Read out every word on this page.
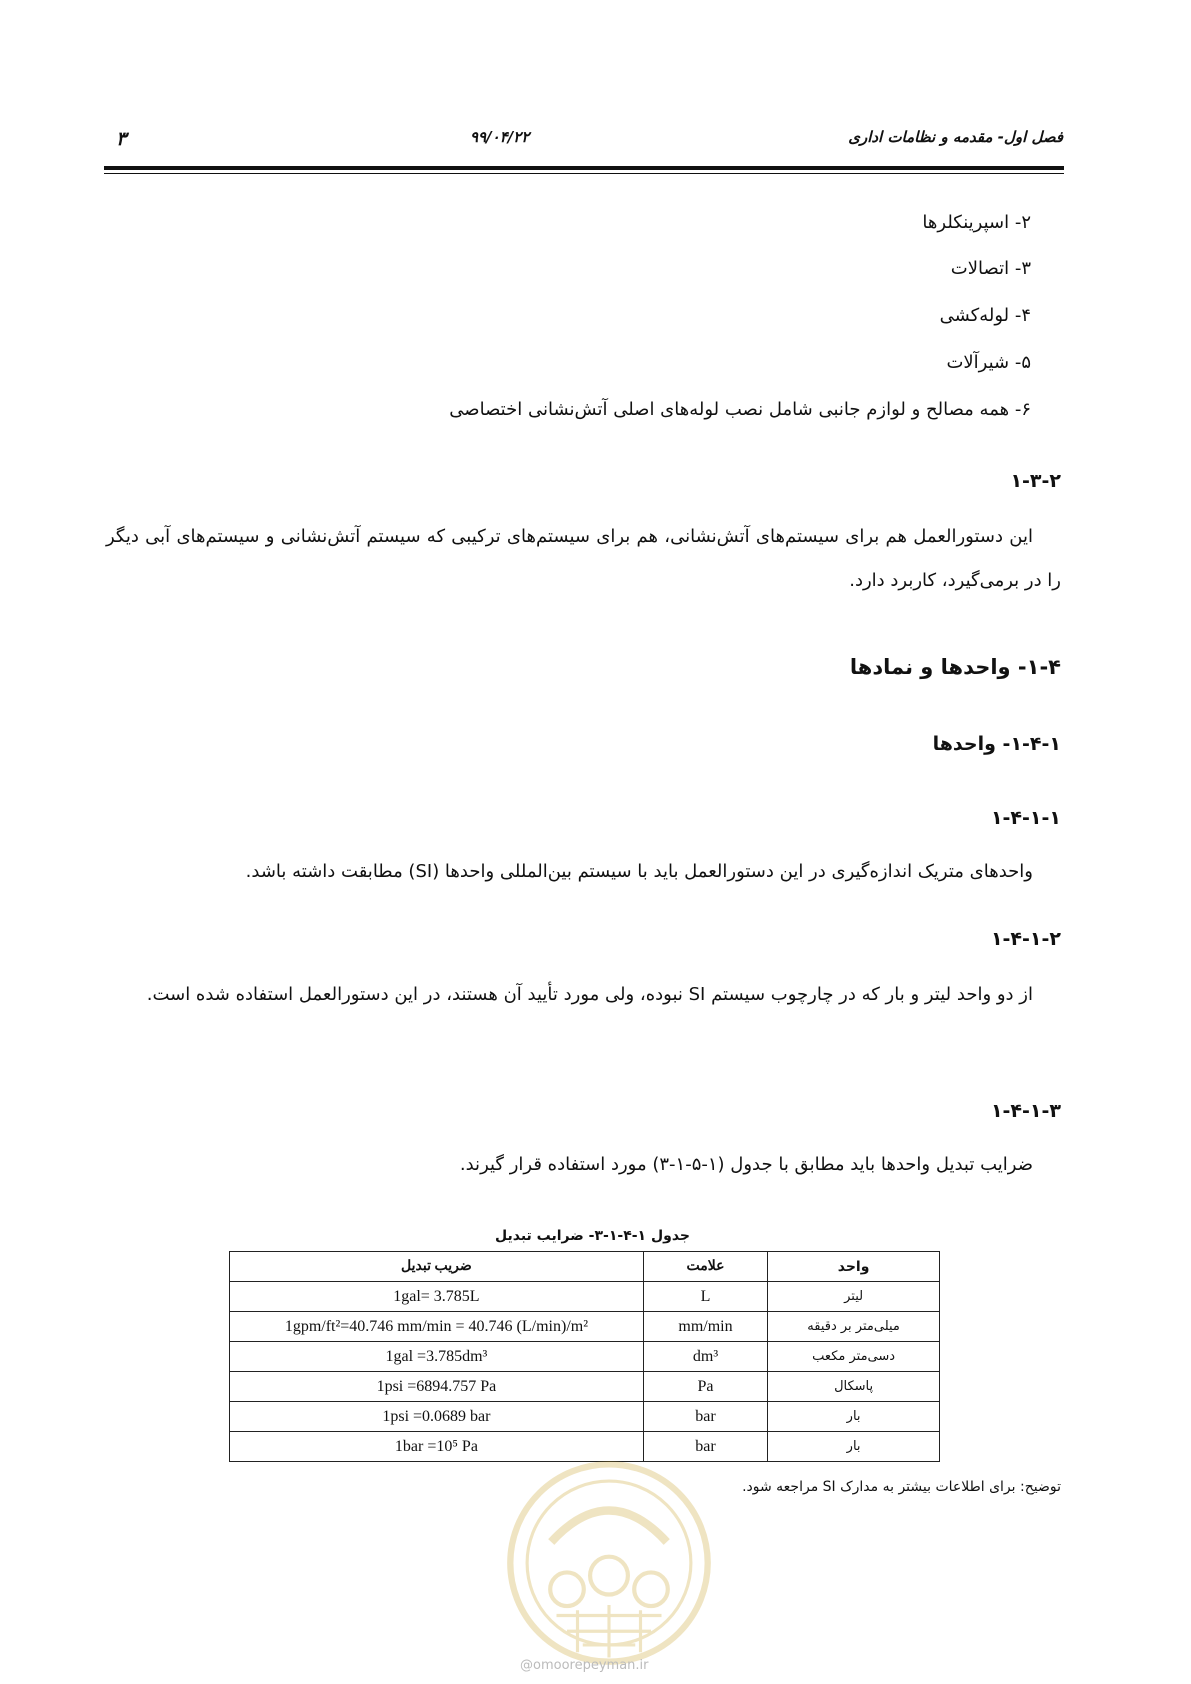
فصل اول- مقدمه و نظامات اداری
۹۹/۰۴/۲۲
۳
۲- اسپرینکلرها
۳- اتصالات
۴- لوله‌کشی
۵- شیرآلات
۶- همه مصالح و لوازم جانبی شامل نصب لوله‌های اصلی آتش‌نشانی اختصاصی
۱-۳-۲
این دستورالعمل هم برای سیستم‌های آتش‌نشانی، هم برای سیستم‌های ترکیبی که سیستم آتش‌نشانی و سیستم‌های آبی دیگر را در برمی‌گیرد، کاربرد دارد.
۱-۴- واحدها و نمادها
۱-۴-۱- واحدها
۱-۴-۱-۱
واحدهای متریک اندازه‌گیری در این دستورالعمل باید با سیستم بین‌المللی واحدها (SI) مطابقت داشته باشد.
۱-۴-۱-۲
از دو واحد لیتر و بار که در چارچوب سیستم SI نبوده، ولی مورد تأیید آن هستند، در این دستورالعمل استفاده شده است.
۱-۴-۱-۳
ضرایب تبدیل واحدها باید مطابق با جدول (۱-۵-۱-۳) مورد استفاده قرار گیرند.
جدول ۱-۴-۱-۳- ضرایب تبدیل
ضریب تبدیل	علامت	واحد
1gal= 3.785L	L	لیتر
1gpm/ft²=40.746 mm/min = 40.746 (L/min)/m²	mm/min	میلی‌متر بر دقیقه
1gal =3.785dm³	dm³	دسی‌متر مکعب
1psi =6894.757 Pa	Pa	پاسکال
1psi =0.0689 bar	bar	بار
1bar =10⁵ Pa	bar	بار
توضیح: برای اطلاعات بیشتر به مدارک SI مراجعه شود.
@omoorepeyman.ir
